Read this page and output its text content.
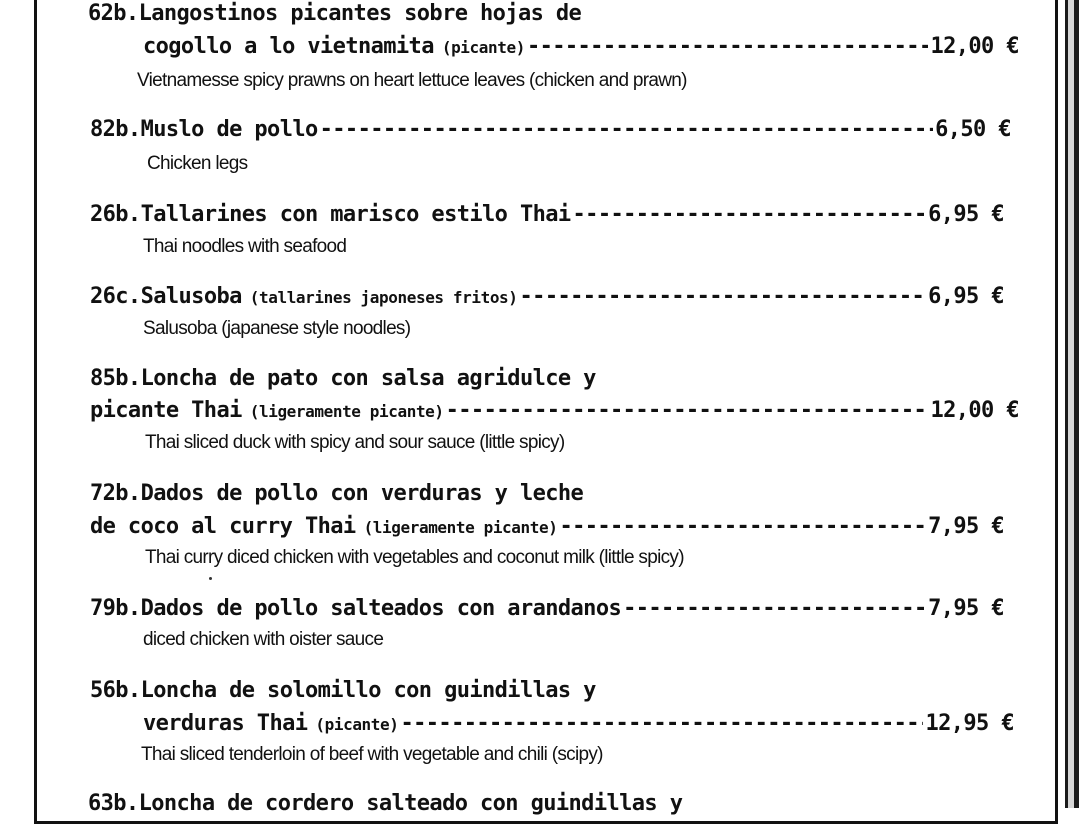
62b. Langostinos picantes sobre hojas de
cogollo a lo vietnamita (picante) -----	12,00 €
Vietnamesse spicy prawns on heart lettuce leaves (chicken and prawn)
82b. Muslo de pollo -----	6,50 €
Chicken legs
26b. Tallarines con marisco estilo Thai -----	6,95 €
Thai noodles with seafood
26c. Salusoba (tallarines japoneses fritos) -----	6,95 €
Salusoba (japanese style noodles)
85b. Loncha de pato con salsa agridulce y
picante Thai (ligeramente picante) -----	12,00 €
Thai sliced duck with spicy and sour sauce (little spicy)
72b. Dados de pollo con verduras y leche
de coco al curry Thai (ligeramente picante) -----	7,95 €
Thai curry diced chicken with vegetables and coconut milk (little spicy)
79b. Dados de pollo salteados con arandanos -----	7,95 €
diced chicken with oister sauce
56b. Loncha de solomillo con guindillas y
verduras Thai (picante) -----	12,95 €
Thai sliced tenderloin of beef with vegetable and chili (scipy)
63b. Loncha de cordero salteado con guindillas y
